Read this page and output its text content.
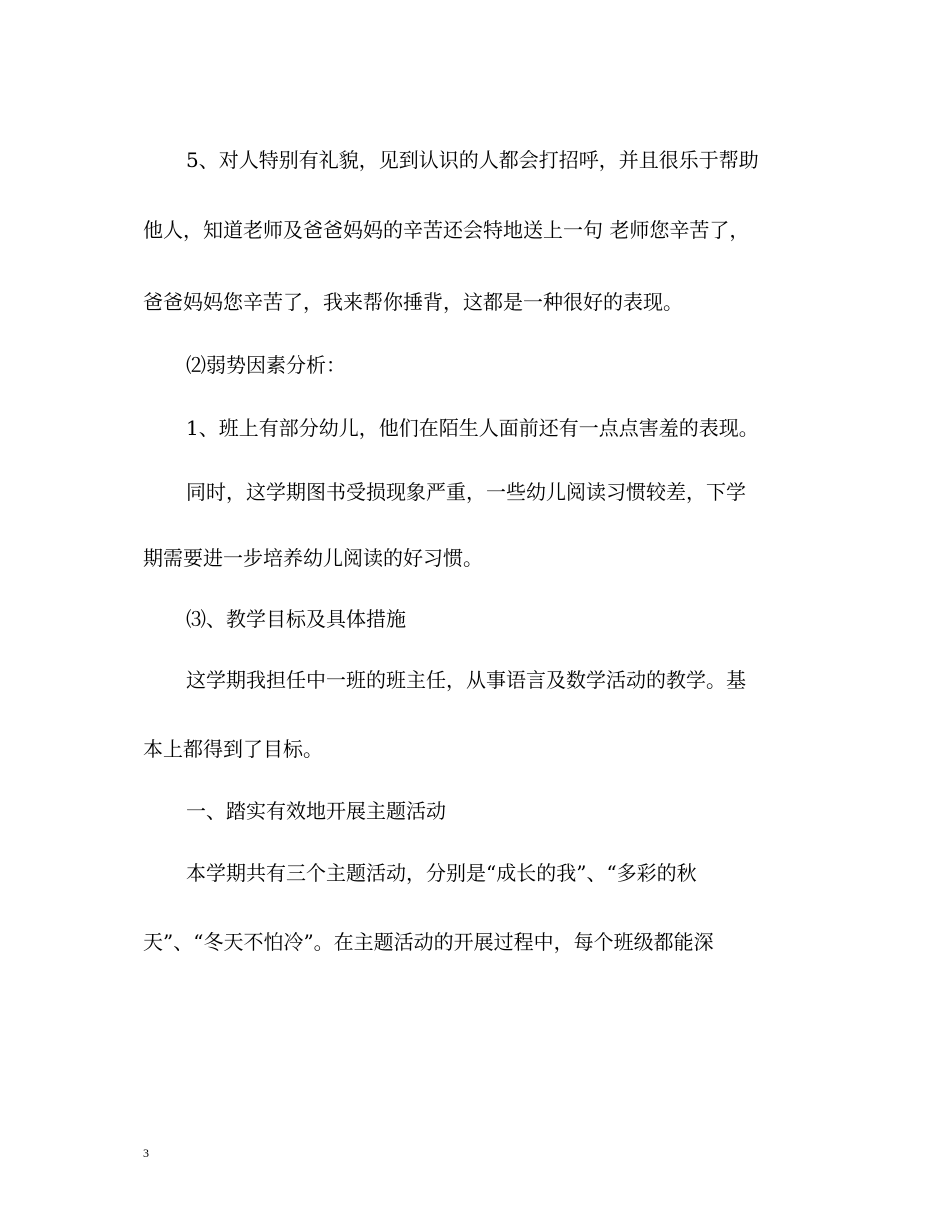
5、对人特别有礼貌，见到认识的人都会打招呼，并且很乐于帮助
他人，知道老师及爸爸妈妈的辛苦还会特地送上一句 老师您辛苦了，
爸爸妈妈您辛苦了，我来帮你捶背，这都是一种很好的表现。
⑵弱势因素分析：
1、班上有部分幼儿，他们在陌生人面前还有一点点害羞的表现。
同时，这学期图书受损现象严重，一些幼儿阅读习惯较差，下学
期需要进一步培养幼儿阅读的好习惯。
⑶、教学目标及具体措施
这学期我担任中一班的班主任，从事语言及数学活动的教学。基
本上都得到了目标。
一、踏实有效地开展主题活动
本学期共有三个主题活动，分别是“成长的我”、“多彩的秋
天”、“冬天不怕冷”。在主题活动的开展过程中，每个班级都能深
3
